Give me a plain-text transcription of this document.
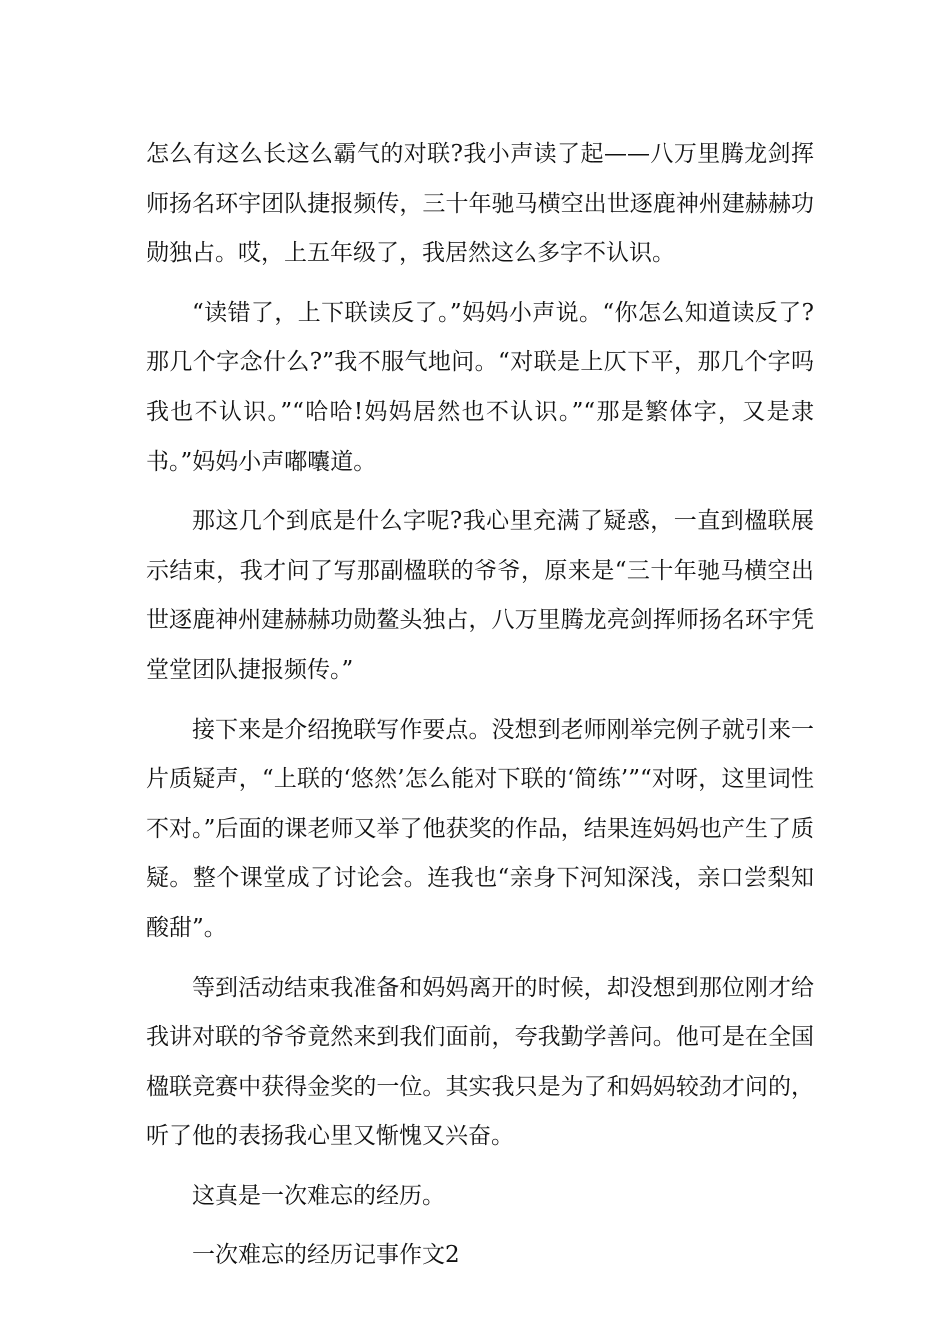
怎么有这么长这么霸气的对联?我小声读了起——八万里腾龙剑挥师扬名环宇团队捷报频传，三十年驰马横空出世逐鹿神州建赫赫功勋独占。哎，上五年级了，我居然这么多字不认识。

“读错了，上下联读反了。”妈妈小声说。“你怎么知道读反了?那几个字念什么?”我不服气地问。“对联是上仄下平，那几个字吗我也不认识。”“哈哈!妈妈居然也不认识。”“那是繁体字，又是隶书。”妈妈小声嘟囔道。

那这几个到底是什么字呢?我心里充满了疑惑，一直到楹联展示结束，我才问了写那副楹联的爷爷，原来是“三十年驰马横空出世逐鹿神州建赫赫功勋鳌头独占，八万里腾龙亮剑挥师扬名环宇凭堂堂团队捷报频传。”

接下来是介绍挽联写作要点。没想到老师刚举完例子就引来一片质疑声，“上联的‘悠然’怎么能对下联的‘简练’”“对呀，这里词性不对。”后面的课老师又举了他获奖的作品，结果连妈妈也产生了质疑。整个课堂成了讨论会。连我也“亲身下河知深浅，亲口尝梨知酸甜”。

等到活动结束我准备和妈妈离开的时候，却没想到那位刚才给我讲对联的爷爷竟然来到我们面前，夸我勤学善问。他可是在全国楹联竞赛中获得金奖的一位。其实我只是为了和妈妈较劲才问的，听了他的表扬我心里又惭愧又兴奋。

这真是一次难忘的经历。

一次难忘的经历记事作文2
